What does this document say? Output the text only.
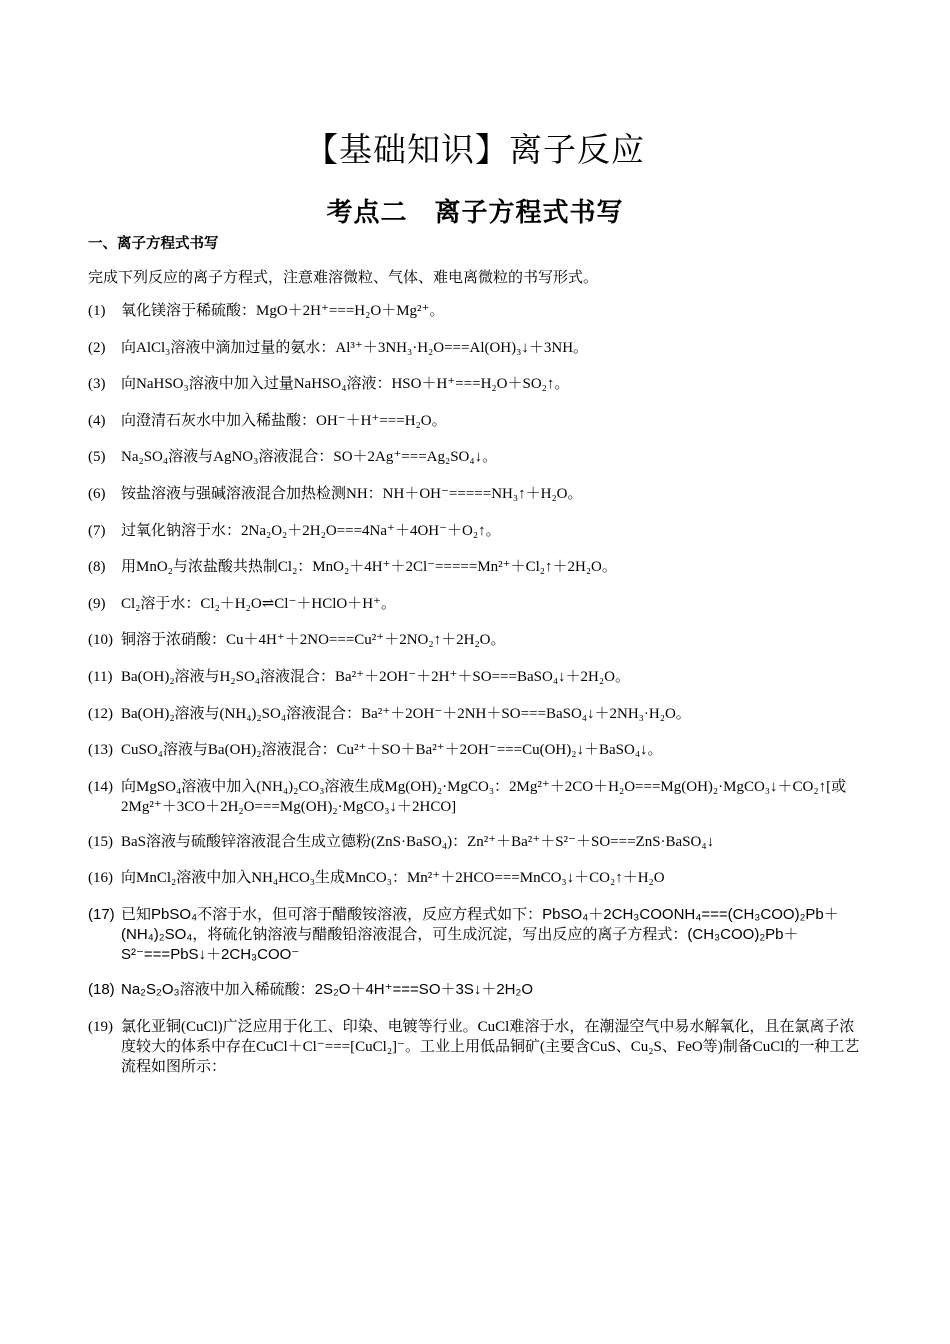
【基础知识】离子反应
考点二　离子方程式书写
一、离子方程式书写
完成下列反应的离子方程式，注意难溶微粒、气体、难电离微粒的书写形式。
(1) 氧化镁溶于稀硫酸：MgO＋2H⁺===H₂O＋Mg²⁺。
(2) 向AlCl₃溶液中滴加过量的氨水：Al³⁺＋3NH₃·H₂O===Al(OH)₃↓＋3NH。
(3) 向NaHSO₃溶液中加入过量NaHSO₄溶液：HSO＋H⁺===H₂O＋SO₂↑。
(4) 向澄清石灰水中加入稀盐酸：OH⁻＋H⁺===H₂O。
(5) Na₂SO₄溶液与AgNO₃溶液混合：SO＋2Ag⁺===Ag₂SO₄↓。
(6) 铵盐溶液与强碱溶液混合加热检测NH：NH＋OH⁻=====NH₃↑＋H₂O。
(7) 过氧化钠溶于水：2Na₂O₂＋2H₂O===4Na⁺＋4OH⁻＋O₂↑。
(8) 用MnO₂与浓盐酸共热制Cl₂：MnO₂＋4H⁺＋2Cl⁻=====Mn²⁺＋Cl₂↑＋2H₂O。
(9) Cl₂溶于水：Cl₂＋H₂O⇌Cl⁻＋HClO＋H⁺。
(10) 铜溶于浓硝酸：Cu＋4H⁺＋2NO===Cu²⁺＋2NO₂↑＋2H₂O。
(11) Ba(OH)₂溶液与H₂SO₄溶液混合：Ba²⁺＋2OH⁻＋2H⁺＋SO===BaSO₄↓＋2H₂O。
(12) Ba(OH)₂溶液与(NH₄)₂SO₄溶液混合：Ba²⁺＋2OH⁻＋2NH＋SO===BaSO₄↓＋2NH₃·H₂O。
(13) CuSO₄溶液与Ba(OH)₂溶液混合：Cu²⁺＋SO＋Ba²⁺＋2OH⁻===Cu(OH)₂↓＋BaSO₄↓。
(14) 向MgSO₄溶液中加入(NH₄)₂CO₃溶液生成Mg(OH)₂·MgCO₃：2Mg²⁺＋2CO＋H₂O===Mg(OH)₂·MgCO₃↓＋CO₂↑[或2Mg²⁺＋3CO＋2H₂O===Mg(OH)₂·MgCO₃↓＋2HCO]
(15) BaS溶液与硫酸锌溶液混合生成立德粉(ZnS·BaSO₄)：Zn²⁺＋Ba²⁺＋S²⁻＋SO===ZnS·BaSO₄↓
(16) 向MnCl₂溶液中加入NH₄HCO₃生成MnCO₃：Mn²⁺＋2HCO===MnCO₃↓＋CO₂↑＋H₂O
(17) 已知PbSO₄不溶于水，但可溶于醋酸铵溶液，反应方程式如下：PbSO₄＋2CH₃COONH₄===(CH₃COO)₂Pb＋(NH₄)₂SO₄，将硫化钠溶液与醋酸铅溶液混合，可生成沉淀，写出反应的离子方程式：(CH₃COO)₂Pb＋S²⁻===PbS↓＋2CH₃COO⁻
(18) Na₂S₂O₃溶液中加入稀硫酸：2S₂O＋4H⁺===SO＋3S↓＋2H₂O
(19) 氯化亚铜(CuCl)广泛应用于化工、印染、电镀等行业。CuCl难溶于水，在潮湿空气中易水解氧化，且在氯离子浓度较大的体系中存在CuCl＋Cl⁻===[CuCl₂]⁻。工业上用低品铜矿(主要含CuS、Cu₂S、FeO等)制备CuCl的一种工艺流程如图所示：
